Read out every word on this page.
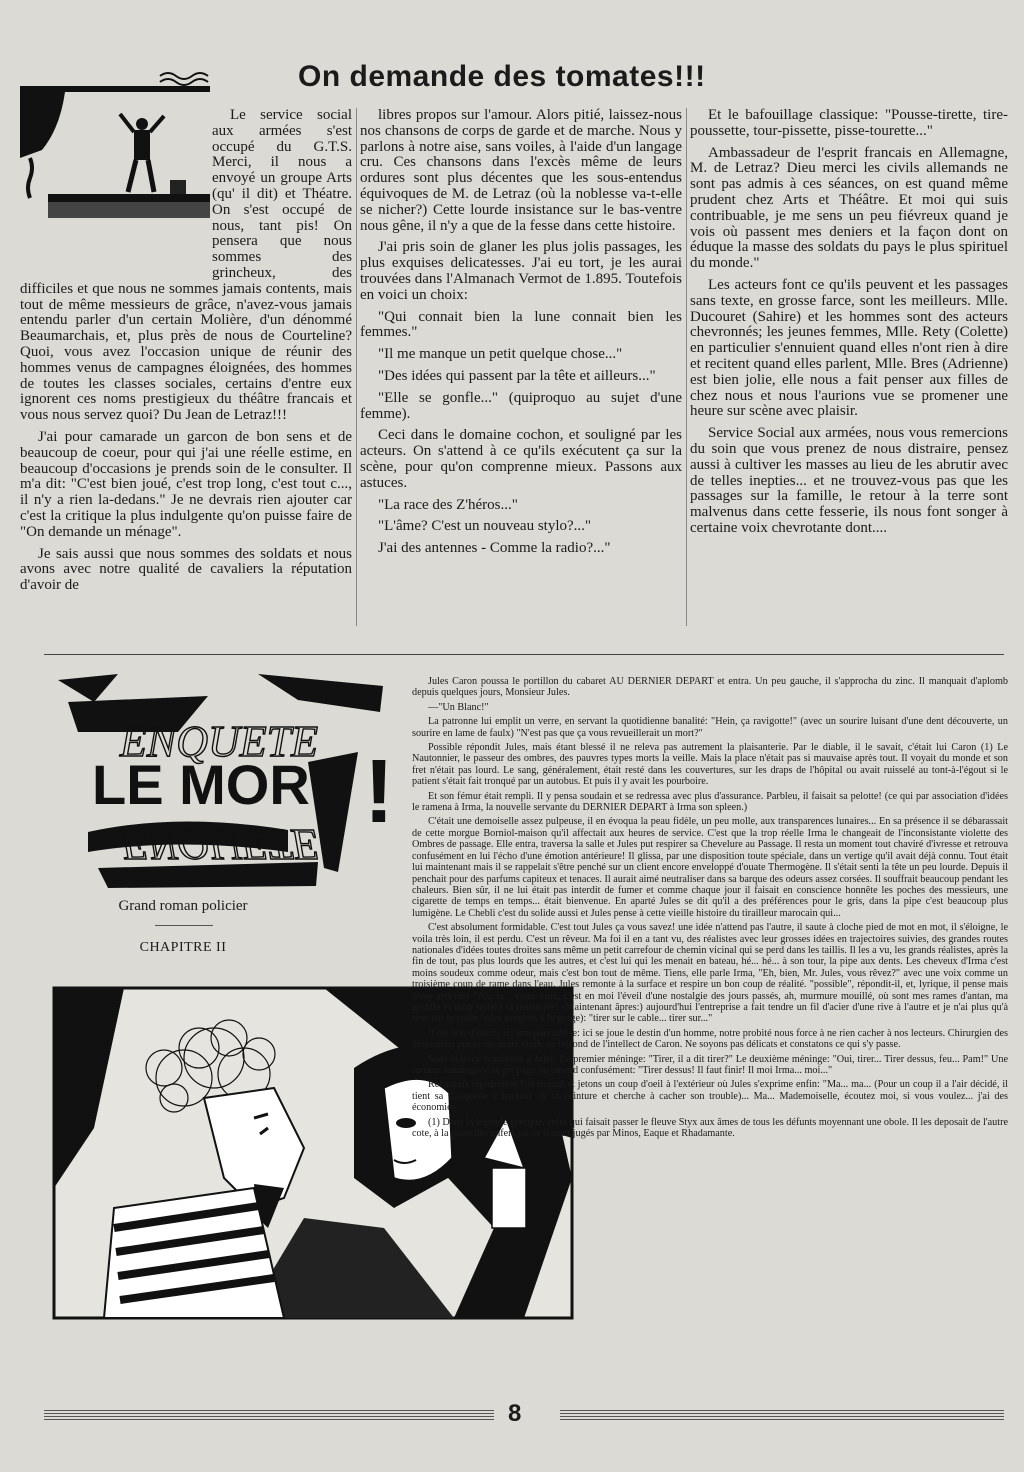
On demande des tomates!!!

Le service social aux armées s'est occupé du G.T.S. Merci, il nous a envoyé un groupe Arts (qu' il dit) et Théatre. On s'est occupé de nous, tant pis! On pensera que nous sommes des grincheux, des difficiles et que nous ne sommes jamais contents, mais tout de même messieurs de grâce, n'avez-vous jamais entendu parler d'un certain Molière, d'un dénommé Beaumarchais, et, plus près de nous de Courteline? Quoi, vous avez l'occasion unique de réunir des hommes venus de campagnes éloignées, des hommes de toutes les classes sociales, certains d'entre eux ignorent ces noms prestigieux du théâtre francais et vous nous servez quoi? Du Jean de Letraz!!!

J'ai pour camarade un garcon de bon sens et de beaucoup de coeur, pour qui j'ai une réelle estime, en beaucoup d'occasions je prends soin de le consulter. Il m'a dit: "C'est bien joué, c'est trop long, c'est tout c..., il n'y a rien la-dedans." Je ne devrais rien ajouter car c'est la critique la plus indulgente qu'on puisse faire de "On demande un ménage".

Je sais aussi que nous sommes des soldats et nous avons avec notre qualité de cavaliers la réputation d'avoir de

libres propos sur l'amour. Alors pitié, laissez-nous nos chansons de corps de garde et de marche. Nous y parlons à notre aise, sans voiles, à l'aide d'un langage cru. Ces chansons dans l'excès même de leurs ordures sont plus décentes que les sous-entendus équivoques de M. de Letraz (où la noblesse va-t-elle se nicher?) Cette lourde insistance sur le bas-ventre nous gêne, il n'y a que de la fesse dans cette histoire.

J'ai pris soin de glaner les plus jolis passages, les plus exquises delicatesses. J'ai eu tort, je les aurai trouvées dans l'Almanach Vermot de 1.895. Toutefois en voici un choix:

"Qui connait bien la lune connait bien les femmes."

"Il me manque un petit quelque chose..."

"Des idées qui passent par la tête et ailleurs..."

"Elle se gonfle..." (quiproquo au sujet d'une femme).

Ceci dans le domaine cochon, et souligné par les acteurs. On s'attend à ce qu'ils exécutent ça sur la scène, pour qu'on comprenne mieux. Passons aux astuces.

"La race des Z'héros..."

"L'âme? C'est un nouveau stylo?..."

J'ai des antennes - Comme la radio?..."

Et le bafouillage classique: "Pousse-tirette, tire-poussette, tour-pissette, pisse-tourette..."

Ambassadeur de l'esprit francais en Allemagne, M. de Letraz? Dieu merci les civils allemands ne sont pas admis à ces séances, on est quand même prudent chez Arts et Théâtre. Et moi qui suis contribuable, je me sens un peu fiévreux quand je vois où passent mes deniers et la façon dont on éduque la masse des soldats du pays le plus spirituel du monde."

Les acteurs font ce qu'ils peuvent et les passages sans texte, en grosse farce, sont les meilleurs. Mlle. Ducouret (Sahire) et les hommes sont des acteurs chevronnés; les jeunes femmes, Mlle. Rety (Colette) en particulier s'ennuient quand elles n'ont rien à dire et recitent quand elles parlent, Mlle. Bres (Adrienne) est bien jolie, elle nous a fait penser aux filles de chez nous et nous l'aurions vue se promener une heure sur scène avec plaisir.

Service Social aux armées, nous vous remercions du soin que vous prenez de nous distraire, pensez aussi à cultiver les masses au lieu de les abrutir avec de telles inepties... et ne trouvez-vous pas que les passages sur la famille, le retour à la terre sont malvenus dans cette fesserie, ils nous font songer à certaine voix chevrotante dont....

ENQUETE
LE MORT
ENQUETE
!
Grand roman policier
CHAPITRE II

Jules Caron poussa le portillon du cabaret AU DERNIER DEPART et entra. Un peu gauche, il s'approcha du zinc. Il manquait d'aplomb depuis quelques jours, Monsieur Jules.

—"Un Blanc!"

La patronne lui emplit un verre, en servant la quotidienne banalité: "Hein, ça ravigotte!" (avec un sourire luisant d'une dent découverte, un sourire en lame de faulx) "N'est pas que ça vous revueillerait un mort?"

Possible répondit Jules, mais étant blessé il ne releva pas autrement la plaisanterie. Par le diable, il le savait, c'était lui Caron (1) Le Nautonnier, le passeur des ombres, des pauvres types morts la veille. Mais la place n'était pas si mauvaise après tout. Il voyait du monde et son fret n'était pas lourd. Le sang, généralement, était resté dans les couvertures, sur les draps de l'hôpital ou avait ruisselé au tont-à-l'égout si le patient s'était fait tronqué par un autobus. Et puis il y avait les pourboire.

Et son fémur était rempli. Il y pensa soudain et se redressa avec plus d'assurance. Parbleu, il faisait sa pelotte! (ce qui par association d'idées le ramena à Irma, la nouvelle servante du DERNIER DEPART à Irma son spleen.)

C'était une demoiselle assez pulpeuse, il en évoqua la peau fidèle, un peu molle, aux transparences lunaires... En sa présence il se débarassait de cette morgue Borniol-maison qu'il affectait aux heures de service. C'est que la trop réelle Irma le changeait de l'inconsistante violette des Ombres de passage. Elle entra, traversa la salle et Jules put respirer sa Chevelure au Passage. Il resta un moment tout chaviré d'ivresse et retrouva confusément en lui l'écho d'une émotion antérieure! Il glissa, par une disposition toute spéciale, dans un vertige qu'il avait déjà connu. Tout était lui maintenant mais il se rappelait s'être penché sur un client encore enveloppé d'ouate Thermogène. Il s'était senti la tête un peu lourde. Depuis il penchait pour des parfums capiteux et tenaces. Il aurait aimé neutraliser dans sa barque des odeurs assez corsées. Il souffrait beaucoup pendant les chaleurs. Bien sûr, il ne lui était pas interdit de fumer et comme chaque jour il faisait en conscience honnête les poches des messieurs, une cigarette de temps en temps... était bienvenue. En aparté Jules se dit qu'il a des préférences pour le gris, dans la pipe c'est beaucoup plus lumigène. Le Chebli c'est du solide aussi et Jules pense à cette vieille histoire du tirailleur marocain qui...

C'est absolument formidable. C'est tout Jules ça vous savez! une idée n'attend pas l'autre, il saute à cloche pied de mot en mot, il s'éloigne, le voila très loin, il est perdu. C'est un rêveur. Ma foi il en a tant vu, des réalistes avec leur grosses idées en trajectoires suivies, des grandes routes nationales d'idées toutes droites sans même un petit carrefour de chemin vicinal qui se perd dans les taillis. Il les a vu, les grands réalistes, après la fin de tout, pas plus lourds que les autres, et c'est lui qui les menait en bateau, hé... hé... à son tour, la pipe aux dents. Les cheveux d'Irma c'est moins soudeux comme odeur, mais c'est bon tout de même. Tiens, elle parle Irma, "Eh, bien, Mr. Jules, vous rêvez?" avec une voix comme un troisième coup de rame dans l'eau. Jules remonte à la surface et respire un bon coup de réalité. "possible", répondit-il, et, lyrique, il pense mais n'ose articuler "Ah, ta... votre voix, c'est en moi l'éveil d'une nostalgie des jours passés, ah, murmure mouillé, où sont mes rames d'antan, ma godille et mon style à la marinière! (Maintenant âpres:) aujourd'hui l'entreprise a fait tendre un fil d'acier d'une rive à l'autre et je n'ai plus qu'à tirer sur le cable" (des sanglots à la gorge): "tirer sur le cable... tirer sur..."

Il est bon d'ouvrir ici une parenthèse: ici se joue le destin d'un homme, notre probité nous force à ne rien cacher à nos lecteurs. Chirurgien des âmes nous porterons notre étude au tréfond de l'intellect de Caron. Ne soyons pas délicats et constatons ce qui s'y passe.

Sous la boite cranienne à Jules. Le premier méninge: "Tirer, il a dit tirer?" Le deuxième méninge: "Oui, tirer... Tirer dessus, feu... Pam!" Une rumeur méningitée se propage on entend confusément: "Tirer dessus! Il faut finir! Il moi Irma... moi..."

Rebattons rapidement l'os frontal et jetons un coup d'oeil à l'extérieur où Jules s'exprime enfin: "Ma... ma... (Pour un coup il a l'air décidé, il tient sa Casquette à hauteur de sa ceinture et cherche à cacher son trouble)... Ma... Mademoiselle, écoutez moi, si vous voulez... j'ai des économies.

(1) Dans la légende grecque, celui qui faisait passer le fleuve Styx aux âmes de tous les défunts moyennant une obole. Il les deposait de l'autre cote, à la porte des enfers ou ils étaient jugés par Minos, Eaque et Rhadamante.

8
